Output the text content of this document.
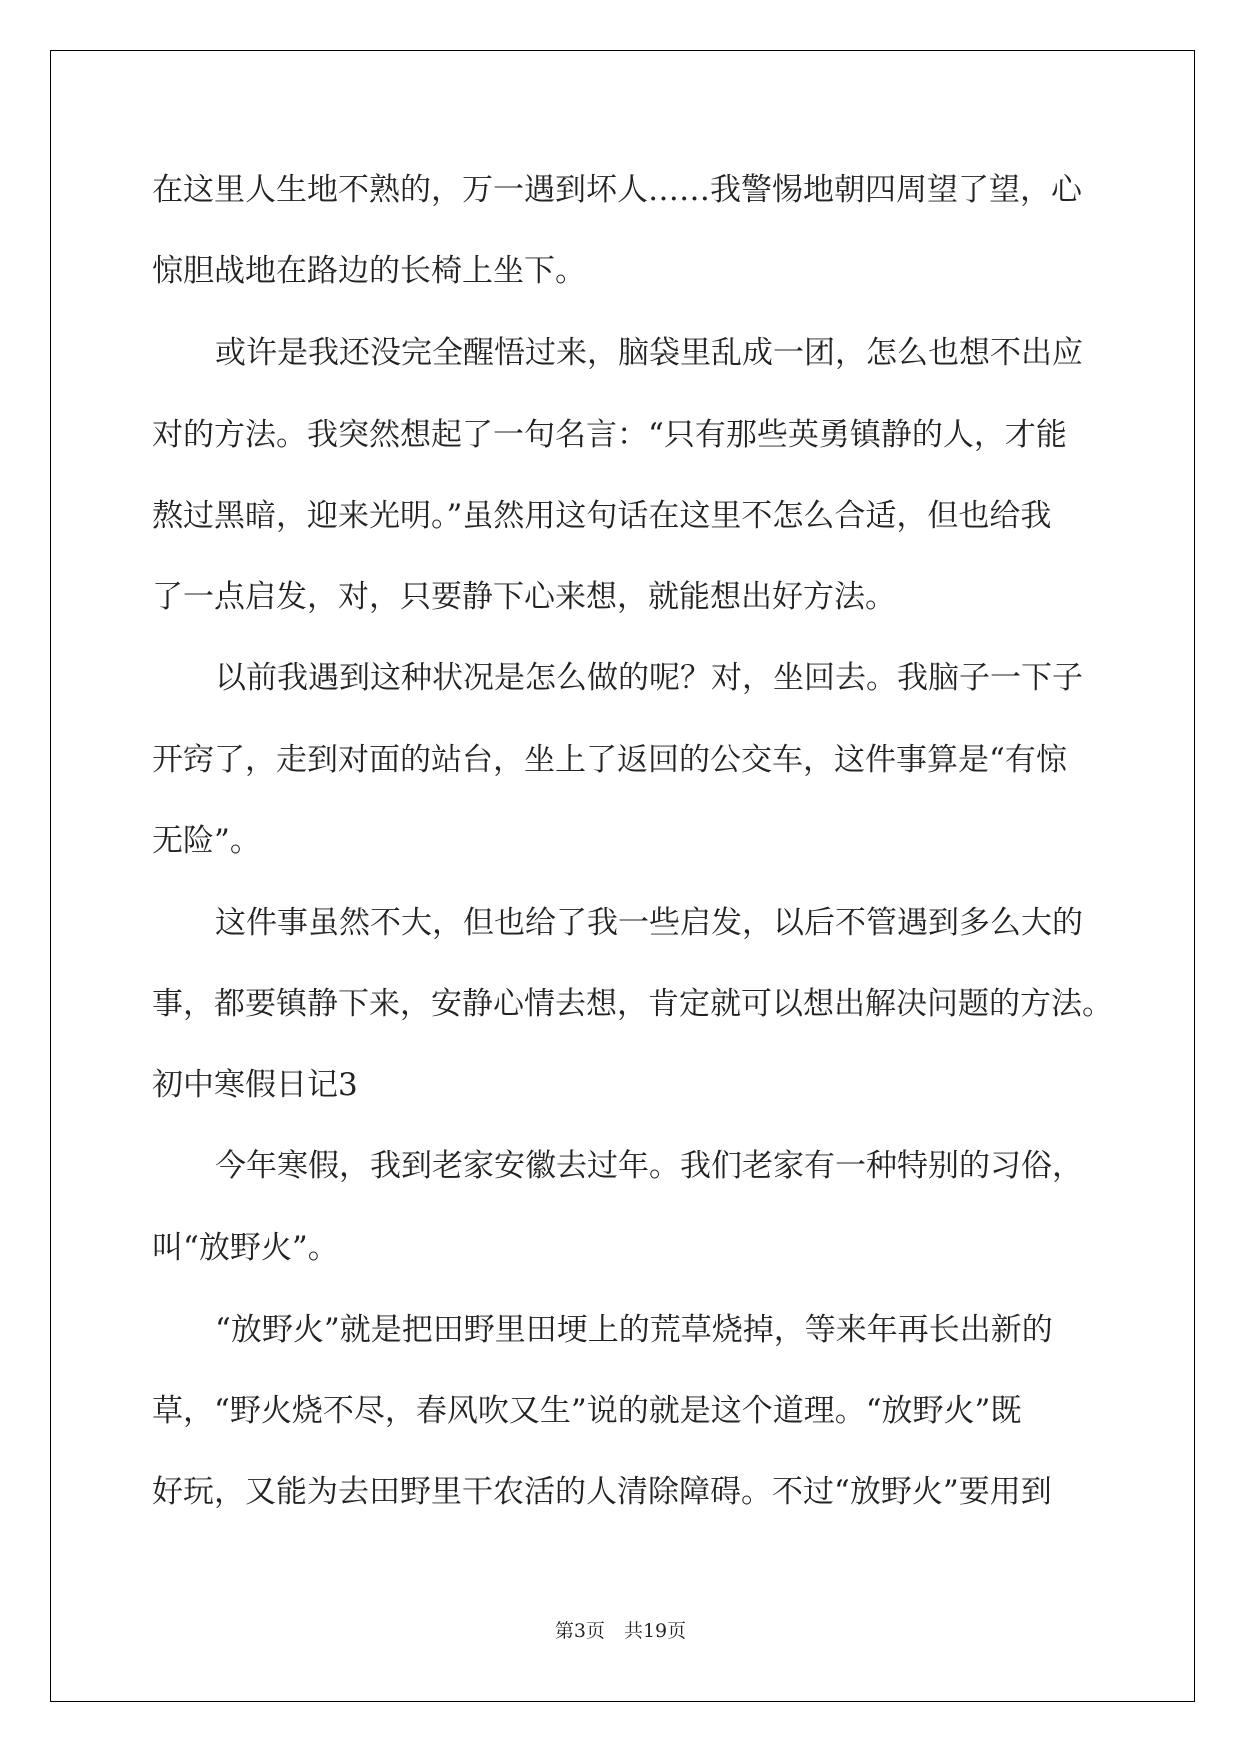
在这里人生地不熟的，万一遇到坏人……我警惕地朝四周望了望，心

惊胆战地在路边的长椅上坐下。

或许是我还没完全醒悟过来，脑袋里乱成一团，怎么也想不出应

对的方法。我突然想起了一句名言：“只有那些英勇镇静的人，才能

熬过黑暗，迎来光明。”虽然用这句话在这里不怎么合适，但也给我

了一点启发，对，只要静下心来想，就能想出好方法。

以前我遇到这种状况是怎么做的呢？对，坐回去。我脑子一下子

开窍了，走到对面的站台，坐上了返回的公交车，这件事算是“有惊

无险”。

这件事虽然不大，但也给了我一些启发，以后不管遇到多么大的

事，都要镇静下来，安静心情去想，肯定就可以想出解决问题的方法。

初中寒假日记3

今年寒假，我到老家安徽去过年。我们老家有一种特别的习俗，

叫“放野火”。

“放野火”就是把田野里田埂上的荒草烧掉，等来年再长出新的

草，“野火烧不尽，春风吹又生”说的就是这个道理。“放野火”既

好玩，又能为去田野里干农活的人清除障碍。不过“放野火”要用到

第3页　共19页
